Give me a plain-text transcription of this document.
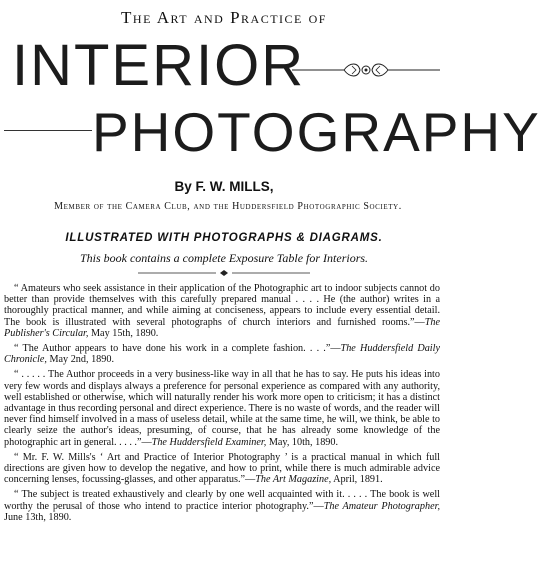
The Art and Practice of
INTERIOR
PHOTOGRAPHY
By F. W. MILLS,
Member of the Camera Club, and the Huddersfield Photographic Society.
ILLUSTRATED WITH PHOTOGRAPHS & DIAGRAMS.
This book contains a complete Exposure Table for Interiors.

“ Amateurs who seek assistance in their application of the Photographic art to indoor subjects cannot do better than provide themselves with this carefully prepared manual . . . . He (the author) writes in a thoroughly practical manner, and while aiming at conciseness, appears to include every essential detail. The book is illustrated with several photographs of church interiors and furnished rooms.”—The Publisher's Circular, May 15th, 1890.

“ The Author appears to have done his work in a complete fashion. . . .”—The Huddersfield Daily Chronicle, May 2nd, 1890.

“ . . . . . The Author proceeds in a very business-like way in all that he has to say. He puts his ideas into very few words and displays always a preference for personal experience as compared with any authority, well established or otherwise, which will naturally render his work more open to criticism; it has a distinct advantage in thus recording personal and direct experience. There is no waste of words, and the reader will never find himself involved in a mass of useless detail, while at the same time, he will, we think, be able to clearly seize the author's ideas, presuming, of course, that he has already some knowledge of the photographic art in general. . . . .”—The Huddersfield Examiner, May, 10th, 1890.

“ Mr. F. W. Mills's ‘ Art and Practice of Interior Photography ’ is a practical manual in which full directions are given how to develop the negative, and how to print, while there is much admirable advice concerning lenses, focussing-glasses, and other apparatus.”—The Art Magazine, April, 1891.

“ The subject is treated exhaustively and clearly by one well acquainted with it. . . . . The book is well worthy the perusal of those who intend to practice interior photography.”—The Amateur Photographer, June 13th, 1890.
